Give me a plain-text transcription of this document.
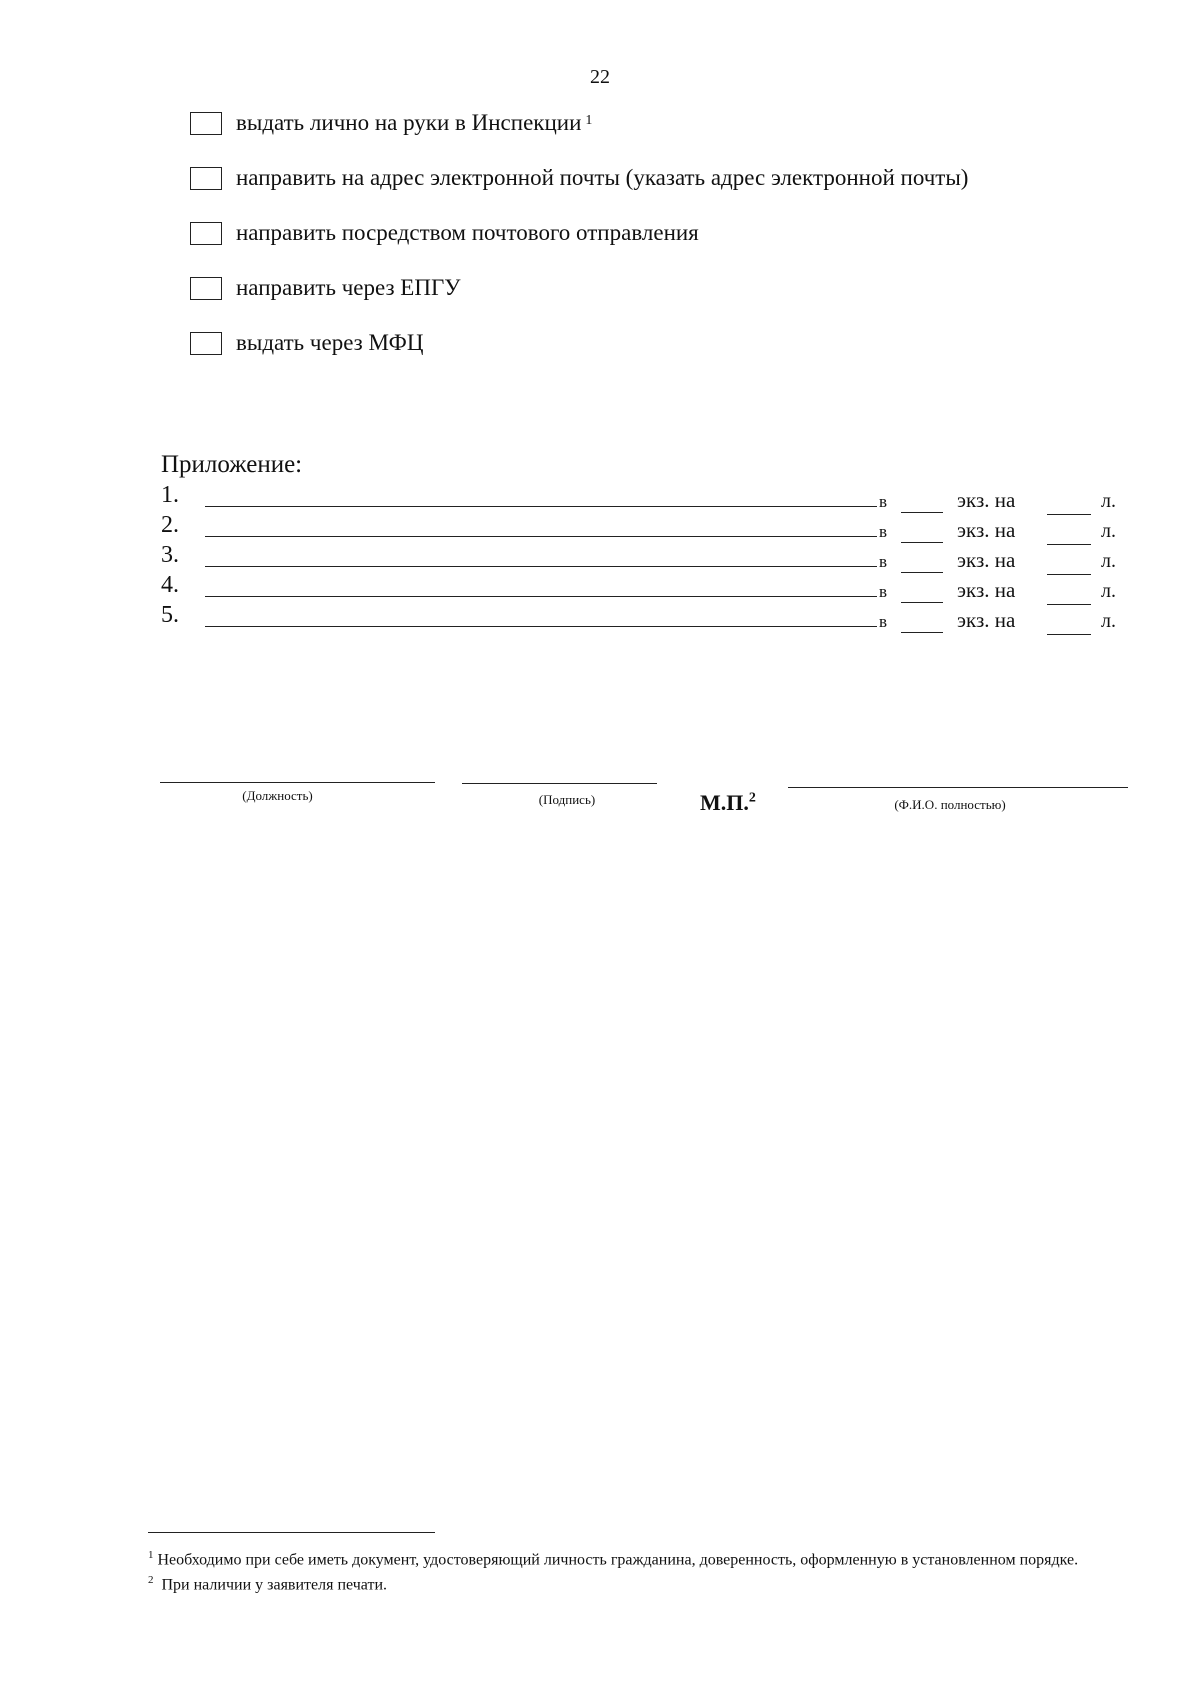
22
выдать лично на руки в Инспекции $^1$
направить на адрес электронной почты (указать адрес электронной почты)
направить посредством почтового отправления
направить через ЕПГУ
выдать через МФЦ
Приложение:
1.	в	экз. на	л.
2.	в	экз. на	л.
3.	в	экз. на	л.
4.	в	экз. на	л.
5.	в	экз. на	л.
(Должность)	(Подпись)	М.П.$^2$	(Ф.И.О. полностью)

$^1$ Необходимо при себе иметь документ, удостоверяющий личность гражданина, доверенность, оформленную в установленном порядке.

$^2$ При наличии у заявителя печати.
